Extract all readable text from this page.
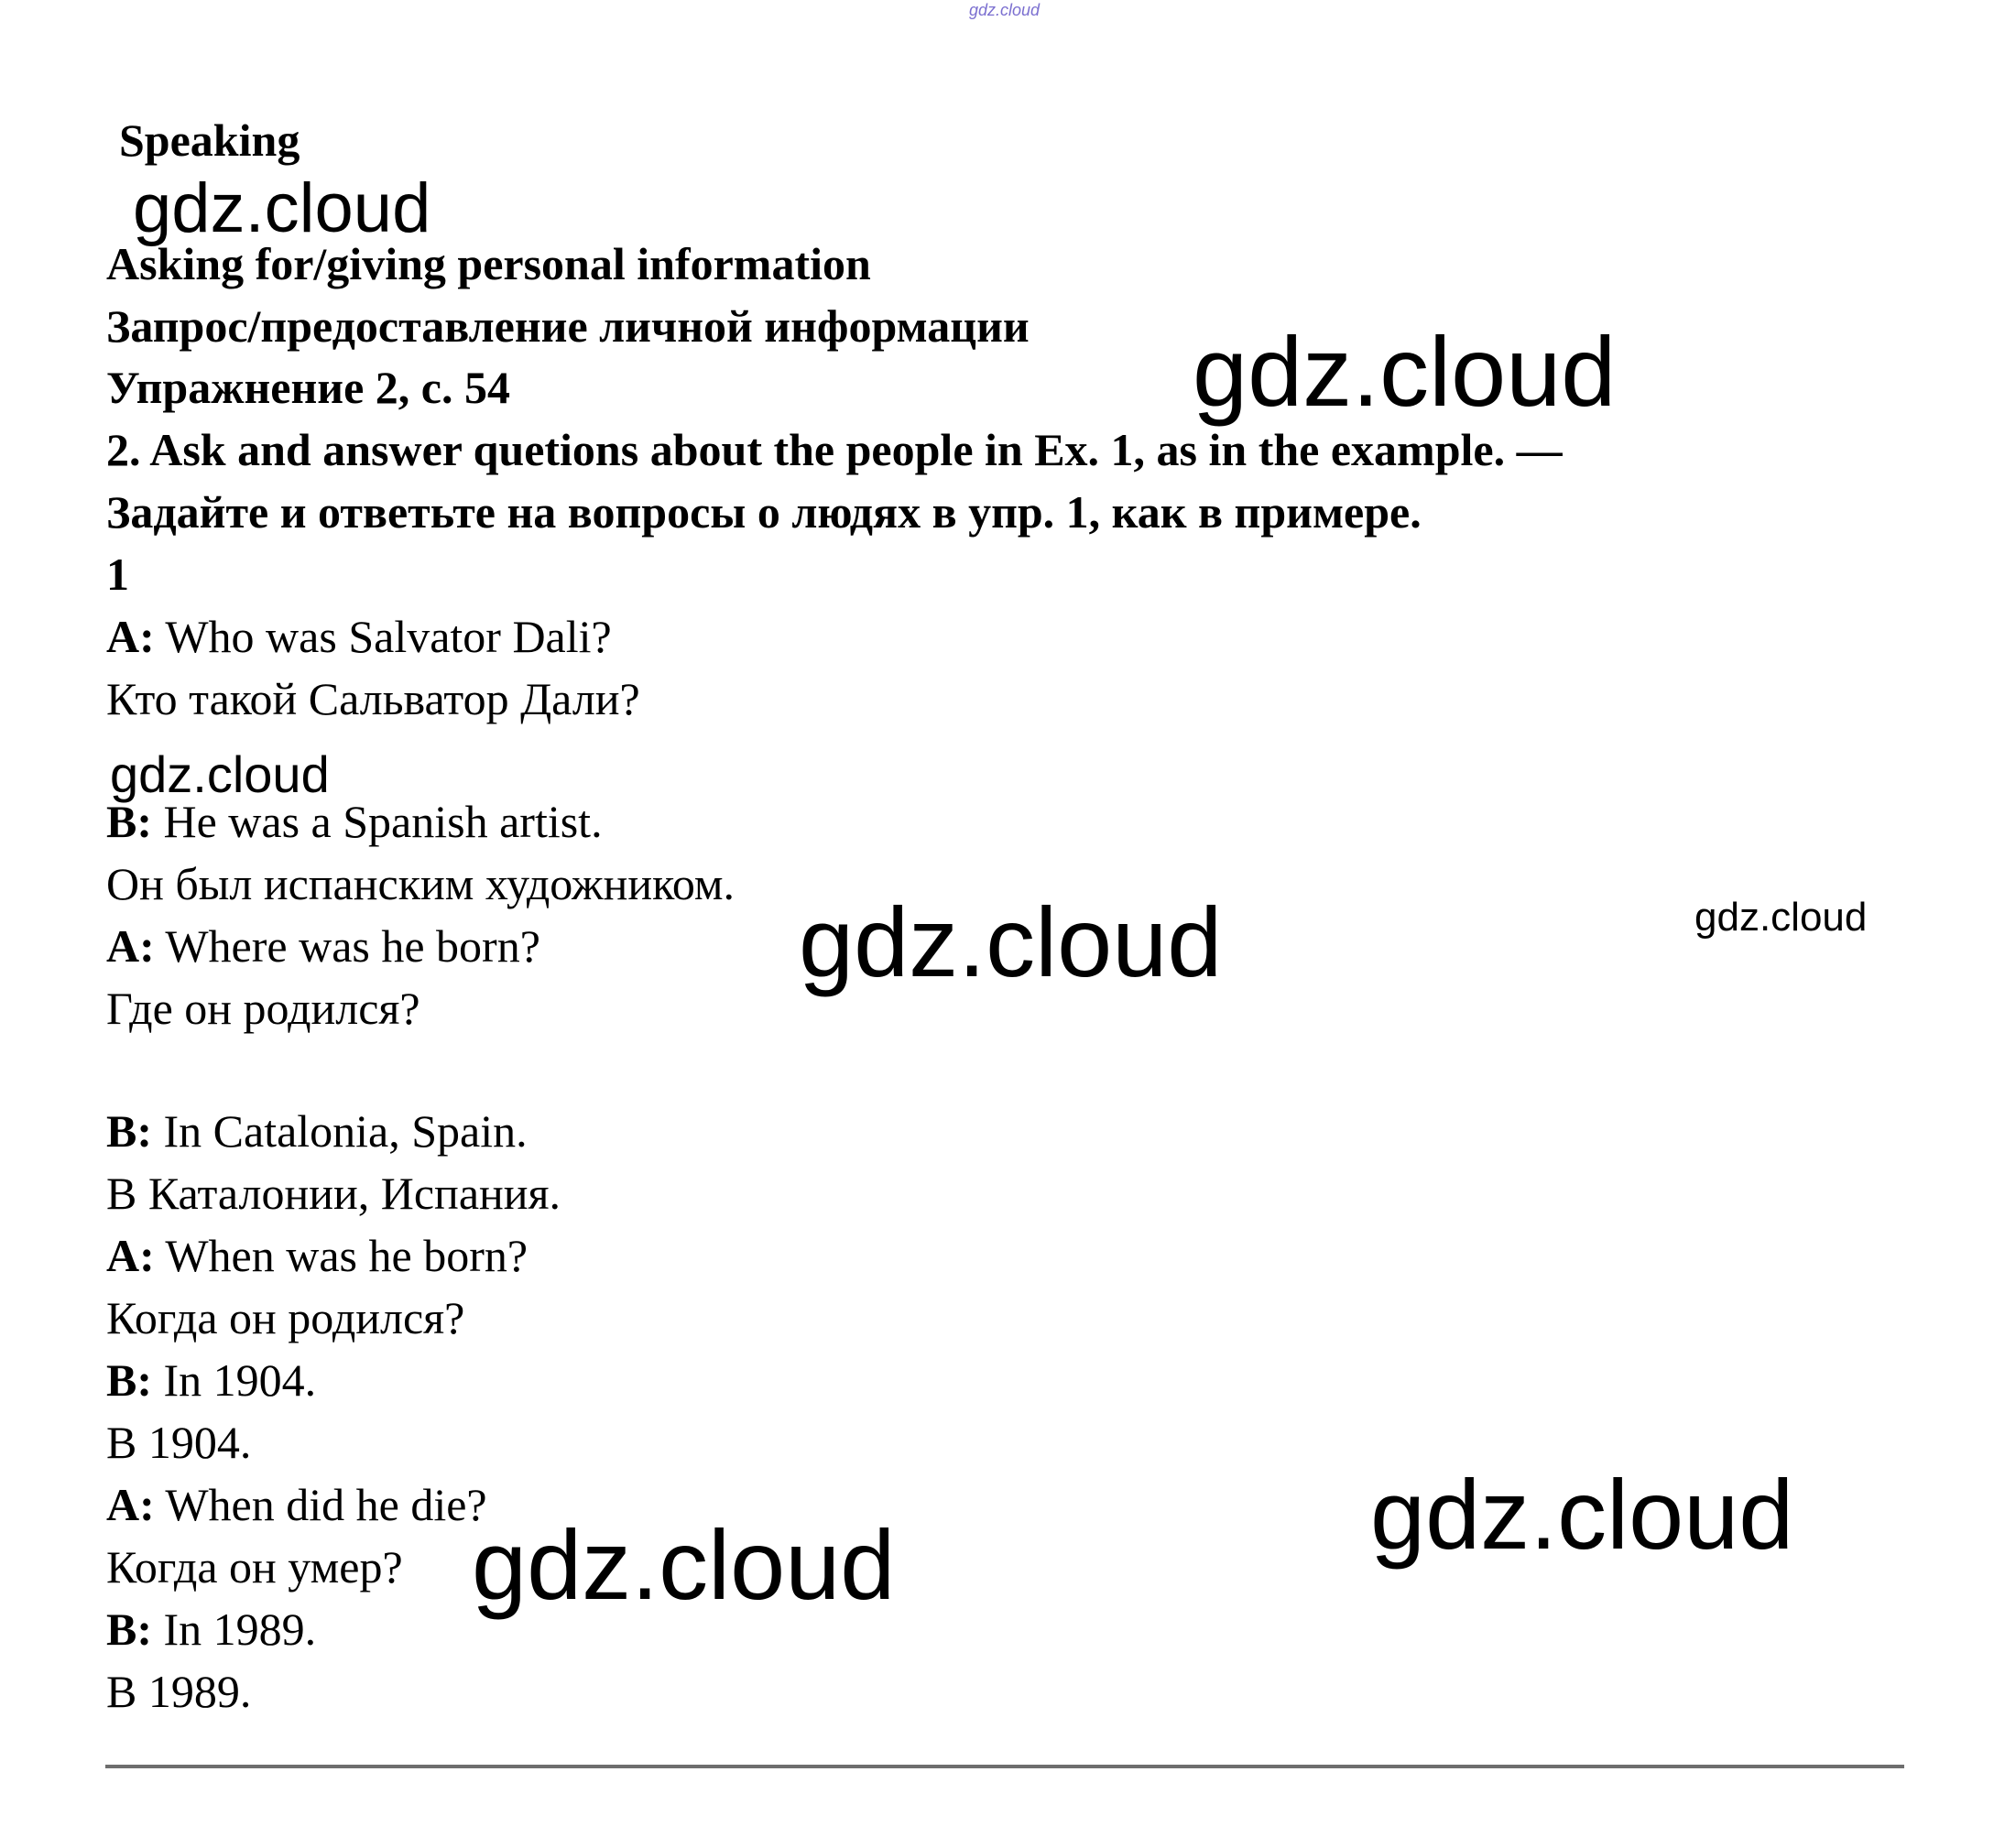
gdz.cloud
gdz.cloud
gdz.cloud
gdz.cloud
gdz.cloud	gdz.cloud
gdz.cloud
gdz.cloud
Speaking
Asking for/giving personal information
Запрос/предоставление личной информации
Упражнение 2, с. 54
2. Ask and answer quetions about the people in Ex. 1, as in the example. —
Задайте и ответьте на вопросы о людях в упр. 1, как в примере.
1
A: Who was Salvator Dali?
Кто такой Сальватор Дали?
B: He was a Spanish artist.
Он был испанским художником.
A: Where was he born?
Где он родился?
B: In Catalonia, Spain.
В Каталонии, Испания.
A: When was he born?
Когда он родился?
B: In 1904.
В 1904.
A: When did he die?
Когда он умер?
B: In 1989.
В 1989.
